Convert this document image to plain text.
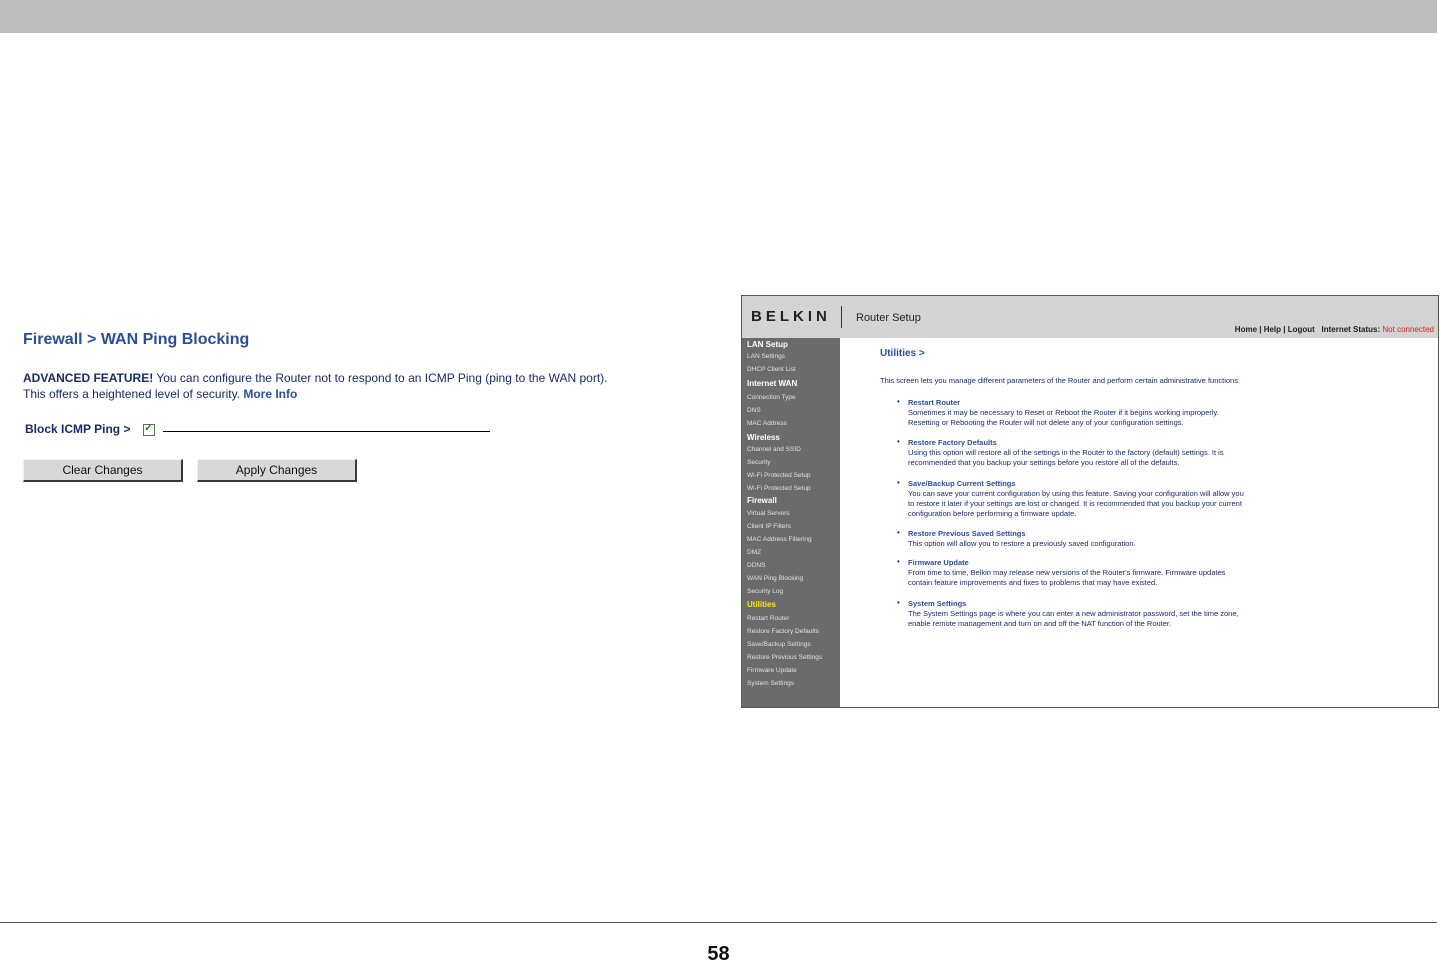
Firewall > WAN Ping Blocking
ADVANCED FEATURE! You can configure the Router not to respond to an ICMP Ping (ping to the WAN port).
This offers a heightened level of security. More Info
Block ICMP Ping > ✓
Clear Changes	Apply Changes
BELKIN Router Setup
Home | Help | Logout Internet Status: Not connected
LAN Setup
LAN Settings
DHCP Client List
Internet WAN
Connection Type
DNS
MAC Address
Wireless
Channel and SSID
Security
Wi-Fi Protected Setup
Wi-Fi Protected Setup
Firewall
Virtual Servers
Client IP Filters
MAC Address Filtering
DMZ
DDNS
WAN Ping Blocking
Security Log
Utilities
Restart Router
Restore Factory Defaults
Save/Backup Settings
Restore Previous Settings
Firmware Update
System Settings
Utilities >
This screen lets you manage different parameters of the Router and perform certain administrative functions.
• Restart Router
Sometimes it may be necessary to Reset or Reboot the Router if it begins working improperly.
Resetting or Rebooting the Router will not delete any of your configuration settings.
• Restore Factory Defaults
Using this option will restore all of the settings in the Router to the factory (default) settings. It is
recommended that you backup your settings before you restore all of the defaults.
• Save/Backup Current Settings
You can save your current configuration by using this feature. Saving your configuration will allow you
to restore it later if your settings are lost or changed. It is recommended that you backup your current
configuration before performing a firmware update.
• Restore Previous Saved Settings
This option will allow you to restore a previously saved configuration.
• Firmware Update
From time to time, Belkin may release new versions of the Router's firmware. Firmware updates
contain feature improvements and fixes to problems that may have existed.
• System Settings
The System Settings page is where you can enter a new administrator password, set the time zone,
enable remote management and turn on and off the NAT function of the Router.
58
